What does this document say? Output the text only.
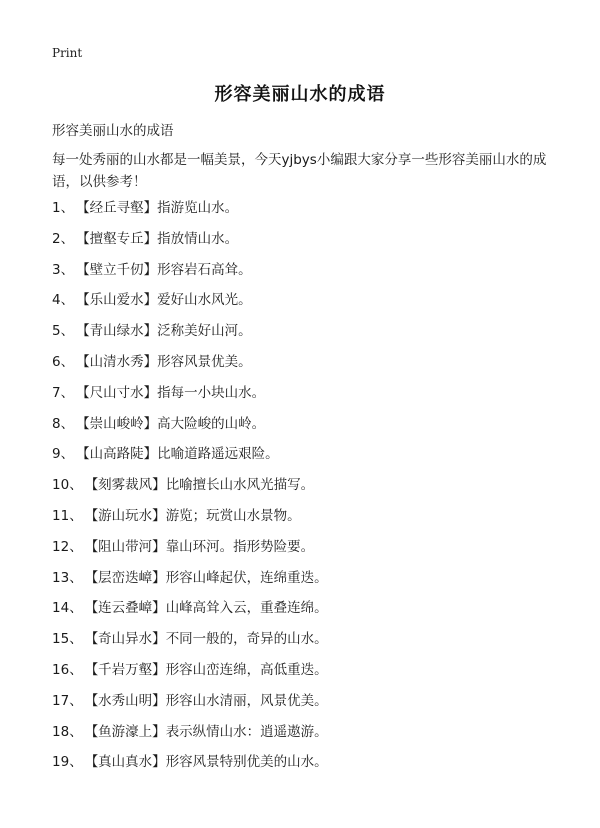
Print
形容美丽山水的成语
形容美丽山水的成语
每一处秀丽的山水都是一幅美景，今天yjbys小编跟大家分享一些形容美丽山水的成语，以供参考！
1、 【经丘寻壑】指游览山水。
2、 【擅壑专丘】指放情山水。
3、 【壁立千仞】形容岩石高耸。
4、 【乐山爱水】爱好山水风光。
5、 【青山绿水】泛称美好山河。
6、 【山清水秀】形容风景优美。
7、 【尺山寸水】指每一小块山水。
8、 【崇山峻岭】高大险峻的山岭。
9、 【山高路陡】比喻道路遥远艰险。
10、 【刻雾裁风】比喻擅长山水风光描写。
11、 【游山玩水】游览；玩赏山水景物。
12、 【阻山带河】靠山环河。指形势险要。
13、 【层峦迭嶂】形容山峰起伏，连绵重迭。
14、 【连云叠嶂】山峰高耸入云，重叠连绵。
15、 【奇山异水】不同一般的，奇异的山水。
16、 【千岩万壑】形容山峦连绵，高低重迭。
17、 【水秀山明】形容山水清丽，风景优美。
18、 【鱼游濠上】表示纵情山水：逍遥遨游。
19、 【真山真水】形容风景特别优美的山水。
